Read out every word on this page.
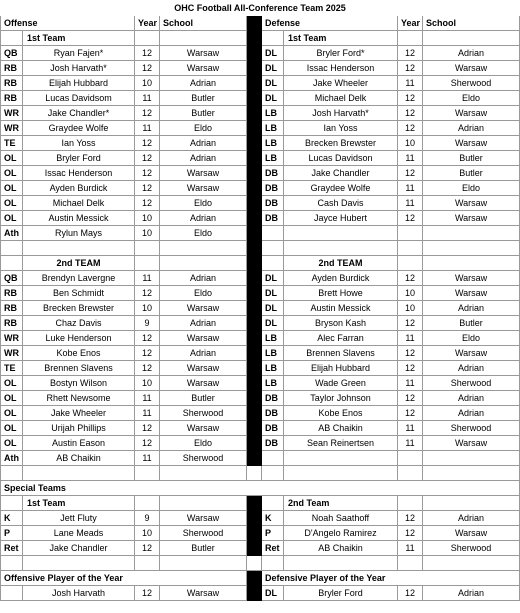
OHC Football All-Conference Team 2025								
Offense		Year	School		Defense		Year	School
	1st Team					1st Team		
QB	Ryan Fajen*	12	Warsaw		DL	Bryler Ford*	12	Adrian
RB	Josh Harvath*	12	Warsaw		DL	Issac Henderson	12	Warsaw
RB	Elijah Hubbard	10	Adrian		DL	Jake Wheeler	11	Sherwood
RB	Lucas Davidsom	11	Butler		DL	Michael Delk	12	Eldo
WR	Jake Chandler*	12	Butler		LB	Josh Harvath*	12	Warsaw
WR	Graydee Wolfe	11	Eldo		LB	Ian Yoss	12	Adrian
TE	Ian Yoss	12	Adrian		LB	Brecken Brewster	10	Warsaw
OL	Bryler Ford	12	Adrian		LB	Lucas Davidson	11	Butler
OL	Issac Henderson	12	Warsaw		DB	Jake Chandler	12	Butler
OL	Ayden Burdick	12	Warsaw		DB	Graydee Wolfe	11	Eldo
OL	Michael Delk	12	Eldo		DB	Cash Davis	11	Warsaw
OL	Austin Messick	10	Adrian		DB	Jayce Hubert	12	Warsaw
Ath	Rylun Mays	10	Eldo					

	2nd TEAM					2nd TEAM		
QB	Brendyn Lavergne	11	Adrian		DL	Ayden Burdick	12	Warsaw
RB	Ben Schmidt	12	Eldo		DL	Brett Howe	10	Warsaw
RB	Brecken Brewster	10	Warsaw		DL	Austin Messick	10	Adrian
RB	Chaz Davis	9	Adrian		DL	Bryson Kash	12	Butler
WR	Luke Henderson	12	Warsaw		LB	Alec Farran	11	Eldo
WR	Kobe Enos	12	Adrian		LB	Brennen Slavens	12	Warsaw
TE	Brennen Slavens	12	Warsaw		LB	Elijah Hubbard	12	Adrian
OL	Bostyn Wilson	10	Warsaw		LB	Wade Green	11	Sherwood
OL	Rhett Newsome	11	Butler		DB	Taylor Johnson	12	Adrian
OL	Jake Wheeler	11	Sherwood		DB	Kobe Enos	12	Adrian
OL	Urijah Phillips	12	Warsaw		DB	AB Chaikin	11	Sherwood
OL	Austin Eason	12	Eldo		DB	Sean Reinertsen	11	Warsaw
Ath	AB Chaikin	11	Sherwood					

Special Teams								
	1st Team					2nd Team		
K	Jett Fluty	9	Warsaw		K	Noah Saathoff	12	Adrian
P	Lane Meads	10	Sherwood		P	D'Angelo Ramirez	12	Warsaw
Ret	Jake Chandler	12	Butler		Ret	AB Chaikin	11	Sherwood

Offensive Player of the Year					Defensive Player of the Year			
	Josh Harvath	12	Warsaw		DL	Bryler Ford	12	Adrian
